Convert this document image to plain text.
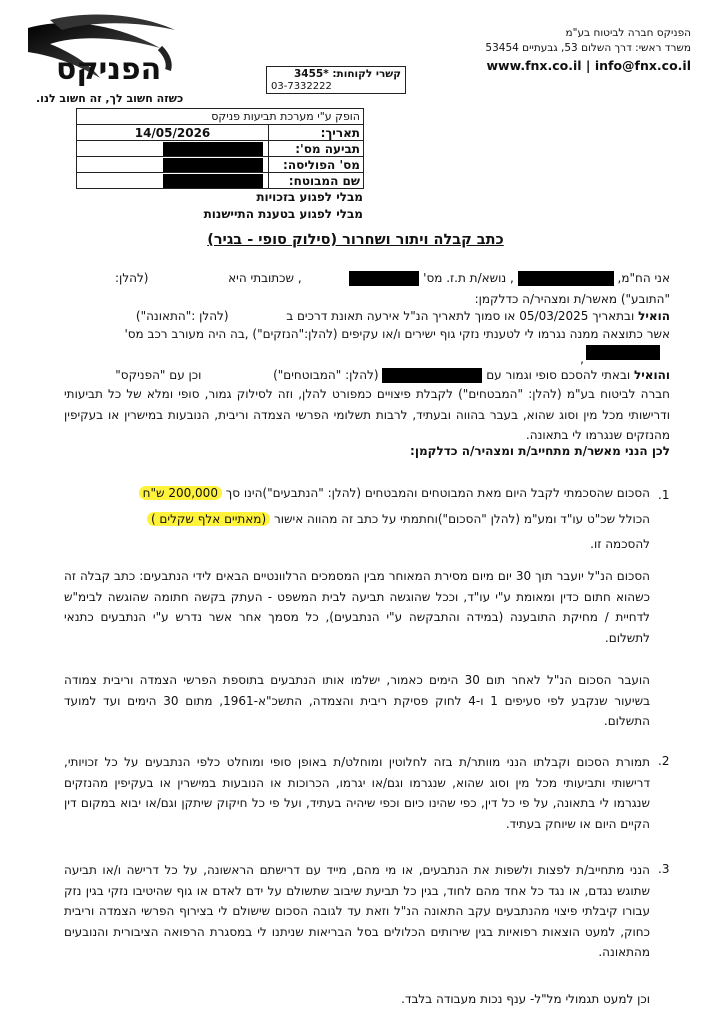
הפניקס
כשזה חשוב לך, זה חשוב לנו.
קשרי לקוחות: *3455
03-7332222
הפניקס חברה לביטוח בע"מ
משרד ראשי: דרך השלום 53, גבעתיים 53454
www.fnx.co.il | info@fnx.co.il
הופק ע"י מערכת תביעות פניקס	
תאריך:	14/05/2026
תביעה מס':	

מס' הפוליסה:	

שם המבוטח:	
מבלי לפגוע בזכויות
מבלי לפגוע בטענת התיישנות
כתב קבלה ויתור ושחרור (סילוק סופי - בגיר)
אני הח"מ,  , נושא/ת ת.ז. מס'   , שכתובתי היא  (להלן:
"התובע") מאשר/ת ומצהיר/ה כדלקמן:
הואיל ובתאריך 05/03/2025 או סמוך לתאריך הנ"ל אירעה תאונת דרכים ב  (להלן :"התאונה")
אשר כתוצאה ממנה נגרמו לי לטענתי נזקי גוף ישירים ו/או עקיפים (להלן:"הנזקים") ,בה היה מעורב רכב מס'

,
והואיל ובאתי להסכם סופי וגמור עם  (להלן: "המבוטחים")  וכן עם "הפניקס"
חברה לביטוח בע"מ (להלן: "המבטחים") לקבלת פיצויים כמפורט להלן, וזה לסילוק גמור, סופי ומלא של כל תביעותי ודרישותי מכל מין וסוג שהוא, בעבר בהווה ובעתיד, לרבות תשלומי הפרשי הצמדה וריבית, הנובעות במישרין או בעקיפין מהנזקים שנגרמו לי בתאונה.
לכן הנני מאשר/ת מתחייב/ת ומצהיר/ה כדלקמן:
.1
הסכום שהסכמתי לקבל היום מאת המבוטחים והמבטחים (להלן: "הנתבעים")הינו סך 200,000 ש"ח
הכולל שכ"ט עו"ד ומע"מ (להלן "הסכום")וחתמתי על כתב זה מהווה אישור (מאתיים אלף שקלים )
להסכמה זו.
הסכום הנ"ל יועבר תוך 30 יום מיום מסירת המאוחר מבין המסמכים הרלוונטיים הבאים לידי הנתבעים: כתב קבלה זה כשהוא חתום כדין ומאומת ע"י עו"ד, וככל שהוגשה תביעה לבית המשפט - העתק בקשה חתומה שהוגשה לבימ"ש לדחיית / מחיקת התובענה (במידה והתבקשה ע"י הנתבעים), כל מסמך אחר אשר נדרש ע"י הנתבעים כתנאי לתשלום.
הועבר הסכום הנ"ל לאחר תום 30 הימים כאמור, ישלמו אותו הנתבעים בתוספת הפרשי הצמדה וריבית צמודה בשיעור שנקבע לפי סעיפים 1 ו-4 לחוק פסיקת ריבית והצמדה, התשכ"א-1961, מתום 30 הימים ועד למועד התשלום.
.2
תמורת הסכום וקבלתו הנני מוותר/ת בזה לחלוטין ומוחלט/ת באופן סופי ומוחלט כלפי הנתבעים על כל זכויותי, דרישותי ותביעותי מכל מין וסוג שהוא, שנגרמו וגם/או יגרמו, הכרוכות או הנובעות במישרין או בעקיפין מהנזקים שנגרמו לי בתאונה, על פי כל דין, כפי שהינו כיום וכפי שיהיה בעתיד, ועל פי כל חיקוק שיתקן וגם/או יבוא במקום דין הקיים היום או שיוחק בעתיד.
.3
הנני מתחייב/ת לפצות ולשפות את הנתבעים, או מי מהם, מייד עם דרישתם הראשונה, על כל דרישה ו/או תביעה שתוגש נגדם, או נגד כל אחד מהם לחוד, בגין כל תביעת שיבוב שתשולם על ידם לאדם או גוף שהיטיבו נזקי בגין נזק עבורו קיבלתי פיצוי מהנתבעים עקב התאונה הנ"ל וזאת עד לגובה הסכום שישולם לי בצירוף הפרשי הצמדה וריבית כחוק, למעט הוצאות רפואיות בגין שירותים הכלולים בסל הבריאות שניתנו לי במסגרת הרפואה הציבורית והנובעים מהתאונה.
וכן למעט תגמולי מל"ל- ענף נכות מעבודה בלבד.
